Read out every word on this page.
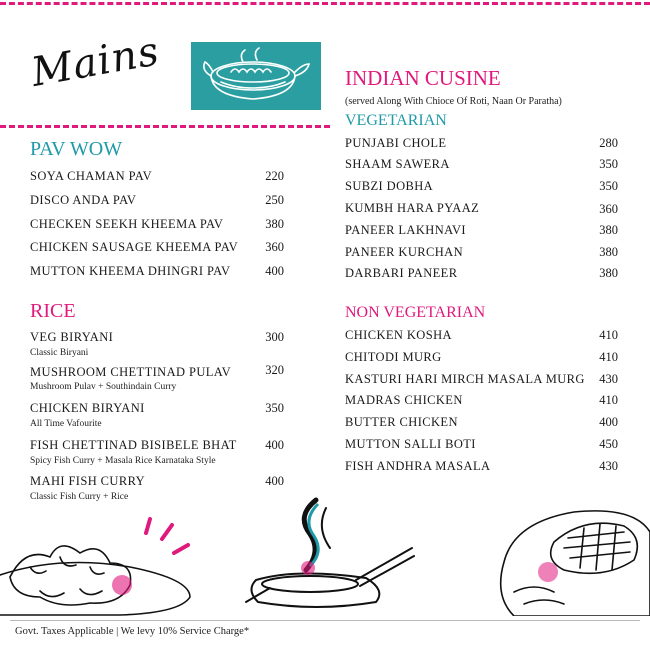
Mains
PAV WOW
SOYA CHAMAN PAV	220
DISCO ANDA PAV	250
CHECKEN SEEKH KHEEMA PAV	380
CHICKEN SAUSAGE KHEEMA PAV	360
MUTTON KHEEMA DHINGRI PAV	400
RICE
VEG BIRYANI	300
Classic Biryani
MUSHROOM CHETTINAD PULAV	320
Mushroom Pulav + Southindain Curry
CHICKEN BIRYANI	350
All Time Vafourite
FISH CHETTINAD BISIBELE BHAT	400
Spicy Fish Curry + Masala Rice Karnataka Style
MAHI FISH CURRY	400
Classic Fish Curry + Rice
INDIAN CUSINE
(served Along With Chioce Of Roti, Naan Or Paratha)
VEGETARIAN
PUNJABI CHOLE	280
SHAAM SAWERA	350
SUBZI DOBHA	350
KUMBH HARA PYAAZ	360
PANEER LAKHNAVI	380
PANEER KURCHAN	380
DARBARI PANEER	380
NON VEGETARIAN
CHICKEN KOSHA	410
CHITODI MURG	410
KASTURI HARI MIRCH MASALA MURG	430
MADRAS CHICKEN	410
BUTTER CHICKEN	400
MUTTON SALLI BOTI	450
FISH ANDHRA MASALA	430
Govt. Taxes Applicable | We levy 10% Service Charge*
